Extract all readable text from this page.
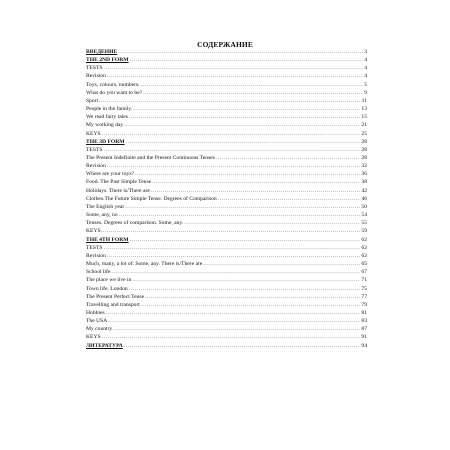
СОДЕРЖАНИЕ
ВВЕДЕНИЕ .....	3
THE 2ND FORM .....	4
TESTS .....	4
Revision .....	4
Toys, colours, numbers. .....	5
What do you want to be? .....	9
Sport .....	11
People in the family. .....	13
We read fairy tales .....	15
My working day .....	21
KEYS .....	25
THE 3D FORM .....	28
TESTS .....	28
The Present Indefinite and the Present Continuous Tenses .....	28
Revision .....	32
Where are your toys? .....	36
Food. The Past Simple Tense .....	38
Holidays. There is/There are .....	42
Clothes.The Future Simple Tense. Degrees of Comparison .....	46
The English year .....	50
Some, any, no .....	54
Tenses. Degrees of comparison. Some, any. .....	55
KEYS. .....	59
THE 4TH FORM .....	62
TESTS .....	62
Revision .....	62
Much, many, a lot of. Some, any. There is/There are .....	65
School life .....	67
The place we live in .....	71
Town life. London .....	75
The Present Perfect Tense .....	77
Travelling and transport .....	79
Hobbies .....	81
The USA .....	83
My country .....	87
KEYS .....	91
ЛИТЕРАТУРА .....	94
